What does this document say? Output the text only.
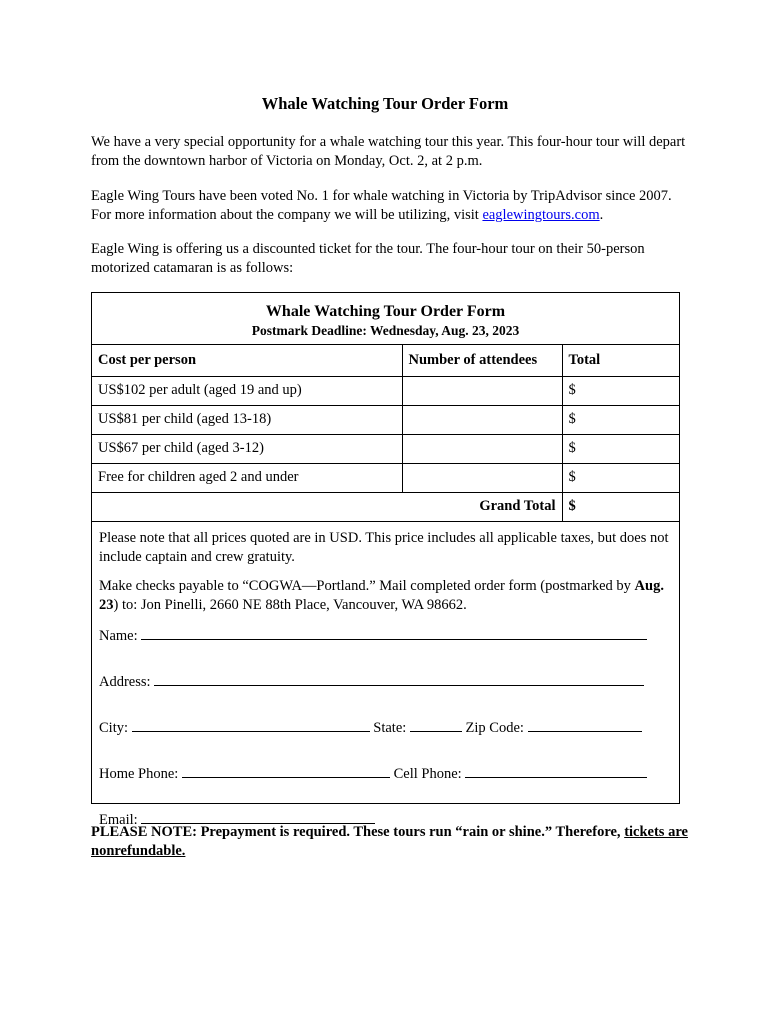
Whale Watching Tour Order Form

We have a very special opportunity for a whale watching tour this year. This four-hour tour will depart from the downtown harbor of Victoria on Monday, Oct. 2, at 2 p.m.

Eagle Wing Tours have been voted No. 1 for whale watching in Victoria by TripAdvisor since 2007. For more information about the company we will be utilizing, visit eaglewingtours.com.

Eagle Wing is offering us a discounted ticket for the tour. The four-hour tour on their 50-person motorized catamaran is as follows:

Whale Watching Tour Order Form
Postmark Deadline: Wednesday, Aug. 23, 2023
Cost per person	Number of attendees	Total
US$102 per adult (aged 19 and up)		$
US$81 per child (aged 13-18)		$
US$67 per child (aged 3-12)		$
Free for children aged 2 and under		$
	Grand Total	$

Please note that all prices quoted are in USD. This price includes all applicable taxes, but does not include captain and crew gratuity.

Make checks payable to “COGWA—Portland.” Mail completed order form (postmarked by Aug. 23) to: Jon Pinelli, 2660 NE 88th Place, Vancouver, WA 98662.

Name:

Address:

City:	State:	Zip Code:

Home Phone:	Cell Phone:

Email:

PLEASE NOTE: Prepayment is required. These tours run “rain or shine.” Therefore, tickets are nonrefundable.
